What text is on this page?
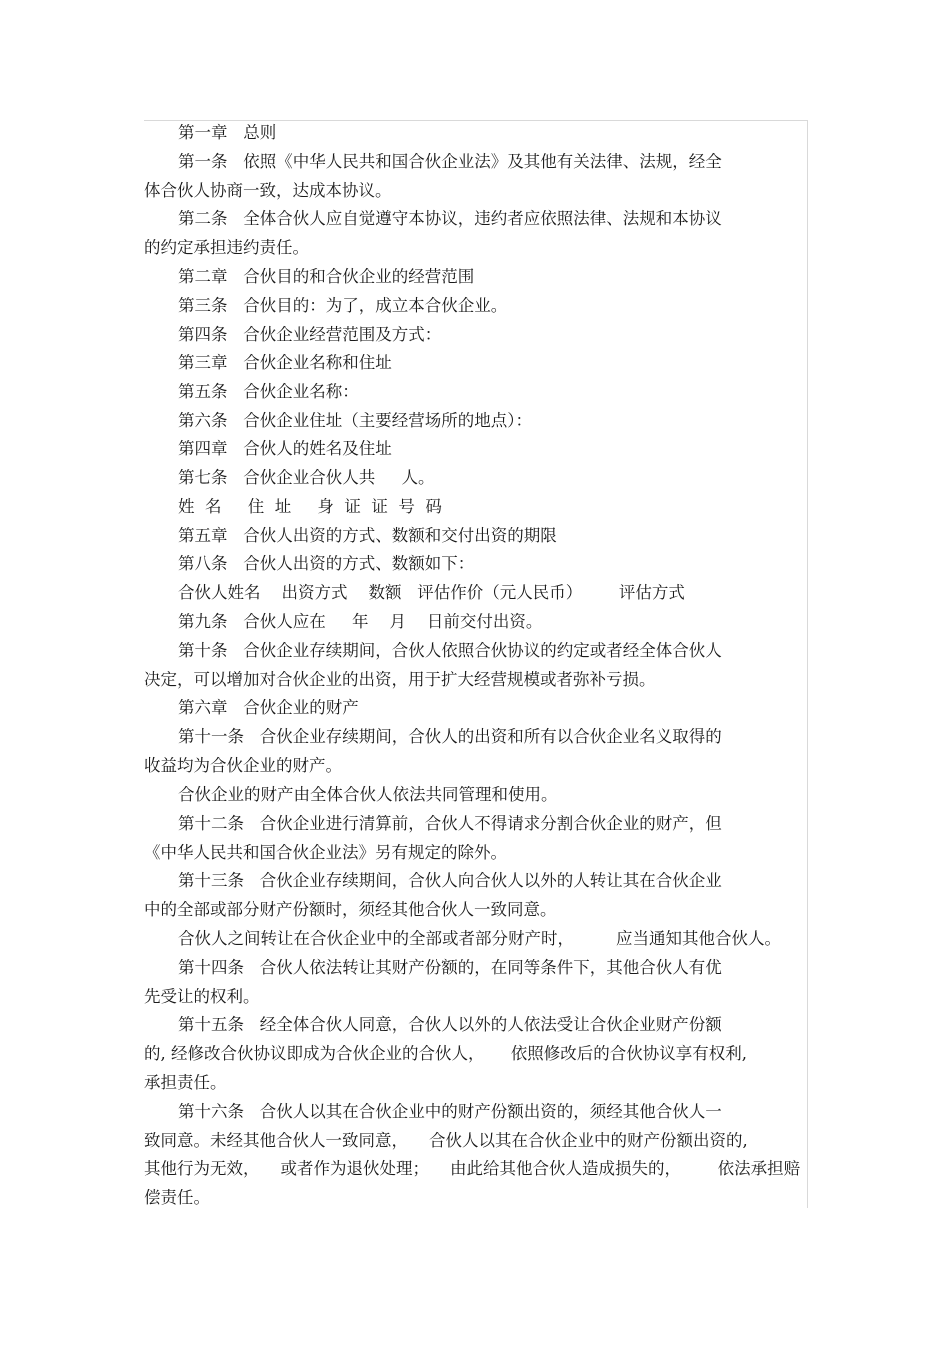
第一章   总则
第一条   依照《中华人民共和国合伙企业法》及其他有关法律、法规，经全
体合伙人协商一致，达成本协议。
第二条   全体合伙人应自觉遵守本协议，违约者应依照法律、法规和本协议
的约定承担违约责任。
第二章   合伙目的和合伙企业的经营范围
第三条   合伙目的：为了，成立本合伙企业。
第四条   合伙企业经营范围及方式：
第三章   合伙企业名称和住址
第五条   合伙企业名称：
第六条   合伙企业住址（主要经营场所的地点）：
第四章   合伙人的姓名及住址
第七条   合伙企业合伙人共     人。
姓  名     住  址     身  证  证  号  码
第五章   合伙人出资的方式、数额和交付出资的期限
第八条   合伙人出资的方式、数额如下：
合伙人姓名    出资方式    数额   评估作价（元人民币）       评估方式
第九条   合伙人应在     年    月    日前交付出资。
第十条   合伙企业存续期间，合伙人依照合伙协议的约定或者经全体合伙人
决定，可以增加对合伙企业的出资，用于扩大经营规模或者弥补亏损。
第六章   合伙企业的财产
第十一条   合伙企业存续期间，合伙人的出资和所有以合伙企业名义取得的
收益均为合伙企业的财产。
合伙企业的财产由全体合伙人依法共同管理和使用。
第十二条   合伙企业进行清算前，合伙人不得请求分割合伙企业的财产，但
《中华人民共和国合伙企业法》另有规定的除外。
第十三条   合伙企业存续期间，合伙人向合伙人以外的人转让其在合伙企业
中的全部或部分财产份额时，须经其他合伙人一致同意。
合伙人之间转让在合伙企业中的全部或者部分财产时，        应当通知其他合伙人。
第十四条   合伙人依法转让其财产份额的，在同等条件下，其他合伙人有优
先受让的权利。
第十五条   经全体合伙人同意，合伙人以外的人依法受让合伙企业财产份额
的, 经修改合伙协议即成为合伙企业的合伙人，     依照修改后的合伙协议享有权利,
承担责任。
第十六条   合伙人以其在合伙企业中的财产份额出资的，须经其他合伙人一
致同意。未经其他合伙人一致同意，    合伙人以其在合伙企业中的财产份额出资的,
其他行为无效，    或者作为退伙处理；    由此给其他合伙人造成损失的，       依法承担赔
偿责任。
